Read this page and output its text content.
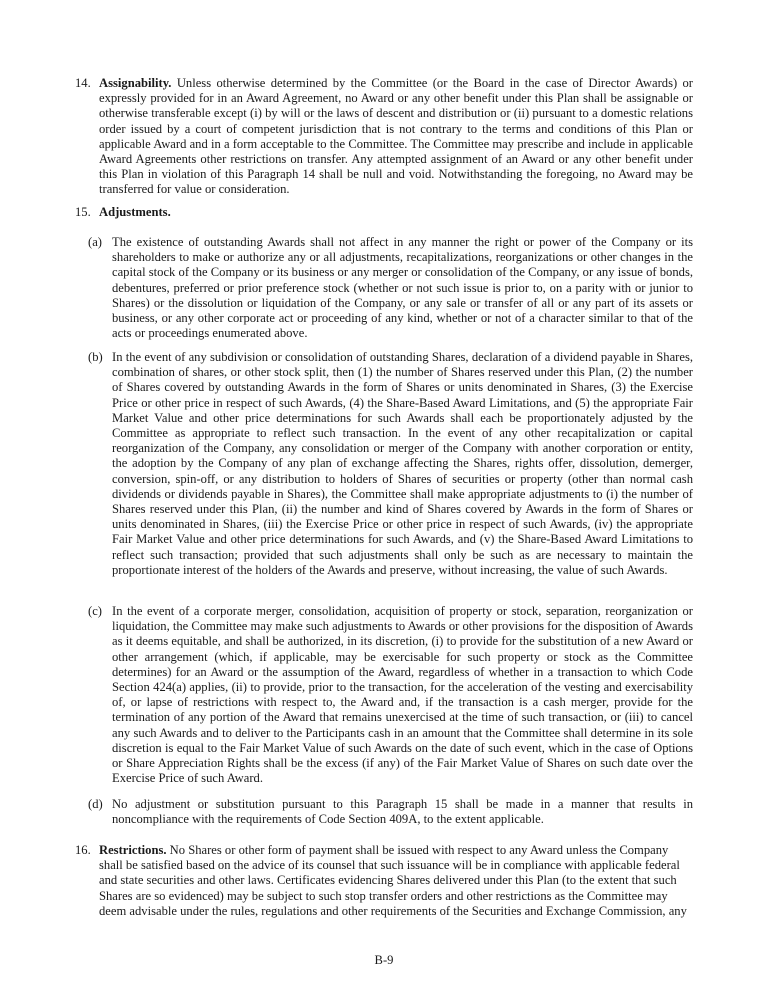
14. Assignability. Unless otherwise determined by the Committee (or the Board in the case of Director Awards) or expressly provided for in an Award Agreement, no Award or any other benefit under this Plan shall be assignable or otherwise transferable except (i) by will or the laws of descent and distribution or (ii) pursuant to a domestic relations order issued by a court of competent jurisdiction that is not contrary to the terms and conditions of this Plan or applicable Award and in a form acceptable to the Committee. The Committee may prescribe and include in applicable Award Agreements other restrictions on transfer. Any attempted assignment of an Award or any other benefit under this Plan in violation of this Paragraph 14 shall be null and void. Notwithstanding the foregoing, no Award may be transferred for value or consideration.
15. Adjustments.
(a) The existence of outstanding Awards shall not affect in any manner the right or power of the Company or its shareholders to make or authorize any or all adjustments, recapitalizations, reorganizations or other changes in the capital stock of the Company or its business or any merger or consolidation of the Company, or any issue of bonds, debentures, preferred or prior preference stock (whether or not such issue is prior to, on a parity with or junior to Shares) or the dissolution or liquidation of the Company, or any sale or transfer of all or any part of its assets or business, or any other corporate act or proceeding of any kind, whether or not of a character similar to that of the acts or proceedings enumerated above.
(b) In the event of any subdivision or consolidation of outstanding Shares, declaration of a dividend payable in Shares, combination of shares, or other stock split, then (1) the number of Shares reserved under this Plan, (2) the number of Shares covered by outstanding Awards in the form of Shares or units denominated in Shares, (3) the Exercise Price or other price in respect of such Awards, (4) the Share-Based Award Limitations, and (5) the appropriate Fair Market Value and other price determinations for such Awards shall each be proportionately adjusted by the Committee as appropriate to reflect such transaction. In the event of any other recapitalization or capital reorganization of the Company, any consolidation or merger of the Company with another corporation or entity, the adoption by the Company of any plan of exchange affecting the Shares, rights offer, dissolution, demerger, conversion, spin-off, or any distribution to holders of Shares of securities or property (other than normal cash dividends or dividends payable in Shares), the Committee shall make appropriate adjustments to (i) the number of Shares reserved under this Plan, (ii) the number and kind of Shares covered by Awards in the form of Shares or units denominated in Shares, (iii) the Exercise Price or other price in respect of such Awards, (iv) the appropriate Fair Market Value and other price determinations for such Awards, and (v) the Share-Based Award Limitations to reflect such transaction; provided that such adjustments shall only be such as are necessary to maintain the proportionate interest of the holders of the Awards and preserve, without increasing, the value of such Awards.
(c) In the event of a corporate merger, consolidation, acquisition of property or stock, separation, reorganization or liquidation, the Committee may make such adjustments to Awards or other provisions for the disposition of Awards as it deems equitable, and shall be authorized, in its discretion, (i) to provide for the substitution of a new Award or other arrangement (which, if applicable, may be exercisable for such property or stock as the Committee determines) for an Award or the assumption of the Award, regardless of whether in a transaction to which Code Section 424(a) applies, (ii) to provide, prior to the transaction, for the acceleration of the vesting and exercisability of, or lapse of restrictions with respect to, the Award and, if the transaction is a cash merger, provide for the termination of any portion of the Award that remains unexercised at the time of such transaction, or (iii) to cancel any such Awards and to deliver to the Participants cash in an amount that the Committee shall determine in its sole discretion is equal to the Fair Market Value of such Awards on the date of such event, which in the case of Options or Share Appreciation Rights shall be the excess (if any) of the Fair Market Value of Shares on such date over the Exercise Price of such Award.
(d) No adjustment or substitution pursuant to this Paragraph 15 shall be made in a manner that results in noncompliance with the requirements of Code Section 409A, to the extent applicable.
16. Restrictions. No Shares or other form of payment shall be issued with respect to any Award unless the Company shall be satisfied based on the advice of its counsel that such issuance will be in compliance with applicable federal and state securities and other laws. Certificates evidencing Shares delivered under this Plan (to the extent that such Shares are so evidenced) may be subject to such stop transfer orders and other restrictions as the Committee may deem advisable under the rules, regulations and other requirements of the Securities and Exchange Commission, any
B-9
